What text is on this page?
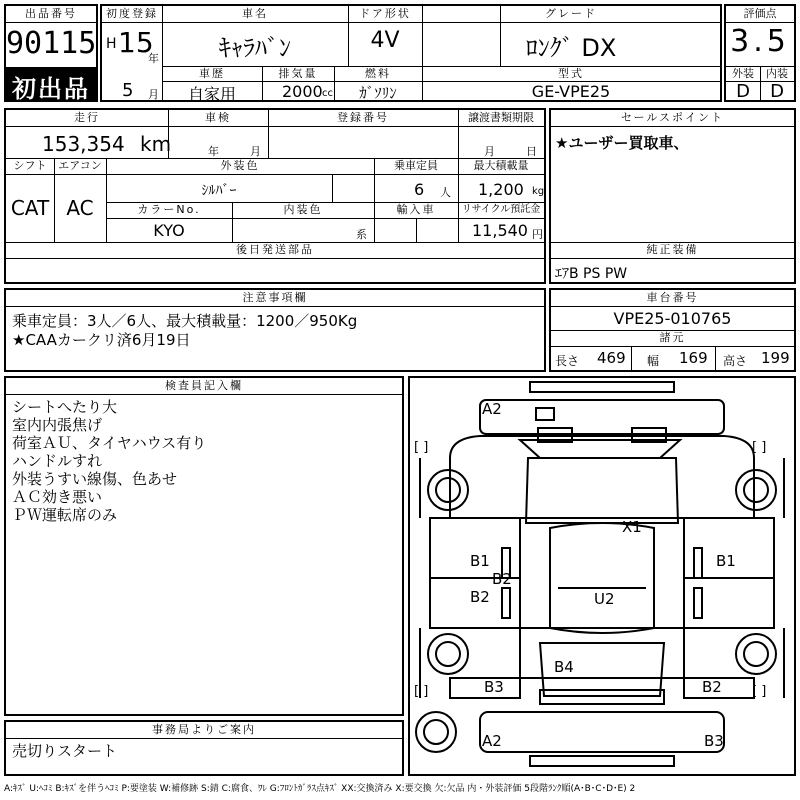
出品番号
90115
初出品
初度登録
H 15
年
5 月
車名
ｷｬﾗﾊﾞﾝ
ドア形状
4V
グレード
ﾛﾝｸﾞ DX
車歴
自家用
排気量
2000 cc
燃料
ｶﾞｿﾘﾝ
型式
GE-VPE25
評価点
3.5
外装	内装
D	D
走行
153,354 km
車検
年	月
登録番号	譲渡書類期限
月	日
シフト
CAT
エアコン
AC
外装色
ｼﾙﾊﾞｰ
乗車定員
6 人
最大積載量
1,200 kg
カラーNo.
KYO
内装色
系
輸入車	リサイクル預託金
11,540 円
後日発送部品
セールスポイント
★ユーザー買取車、
純正装備
ｴｱB PS PW
注意事項欄
乗車定員：3人／6人、最大積載量：1200／950Kg
★CAAカークリ済6月19日
車台番号
VPE25-010765
諸元
長さ 469 幅 169 高さ 199
検査員記入欄
シートへたり大
室内内張焦げ
荷室ＡＵ、タイヤハウス有り
ハンドルすれ
外装うすい線傷、色あせ
ＡＣ効き悪い
ＰＷ運転席のみ
事務局よりご案内
売切りスタート
A2
X1
B1	B1
B2
B2	U2
B4
B3	B2
A2	B3
[ ]	[ ]
[ ]	[ ]
A:ｷｽﾞ U:ﾍｺﾐ B:ｷｽﾞを伴うﾍｺﾐ P:要塗装 W:補修跡 S:錆 C:腐食、ﾜﾚ G:ﾌﾛﾝﾄｶﾞﾗｽ点ｷｽﾞ XX:交換済み X:要交換 欠:欠品 内・外装評価 5段階ﾗﾝｸ順(A･B･C･D･E) 2
